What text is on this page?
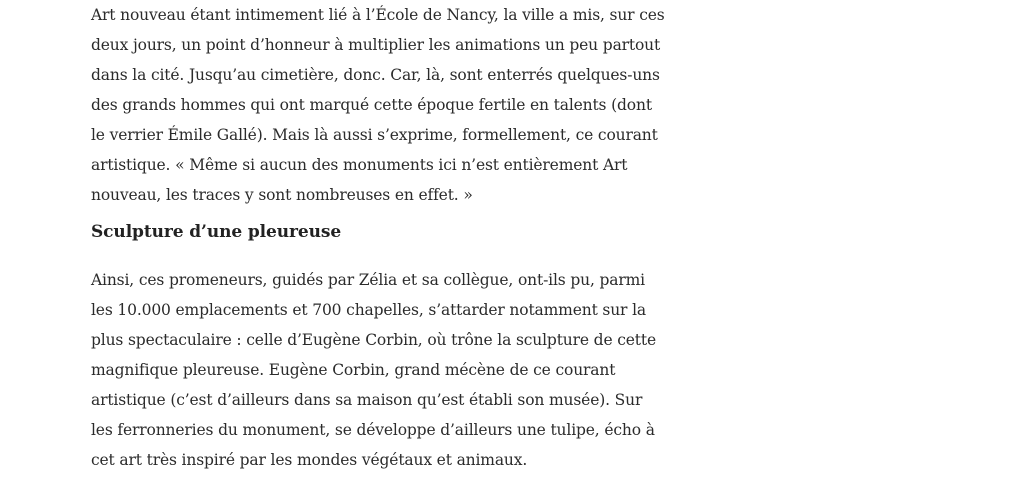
Art nouveau étant intimement lié à l’École de Nancy, la ville a mis, sur ces
deux jours, un point d’honneur à multiplier les animations un peu partout
dans la cité. Jusqu’au cimetière, donc. Car, là, sont enterrés quelques-uns
des grands hommes qui ont marqué cette époque fertile en talents (dont
le verrier Émile Gallé). Mais là aussi s’exprime, formellement, ce courant
artistique. « Même si aucun des monuments ici n’est entièrement Art
nouveau, les traces y sont nombreuses en effet. »

Sculpture d’une pleureuse

Ainsi, ces promeneurs, guidés par Zélia et sa collègue, ont-ils pu, parmi
les 10.000 emplacements et 700 chapelles, s’attarder notamment sur la
plus spectaculaire : celle d’Eugène Corbin, où trône la sculpture de cette
magnifique pleureuse. Eugène Corbin, grand mécène de ce courant
artistique (c’est d’ailleurs dans sa maison qu’est établi son musée). Sur
les ferronneries du monument, se développe d’ailleurs une tulipe, écho à
cet art très inspiré par les mondes végétaux et animaux.
